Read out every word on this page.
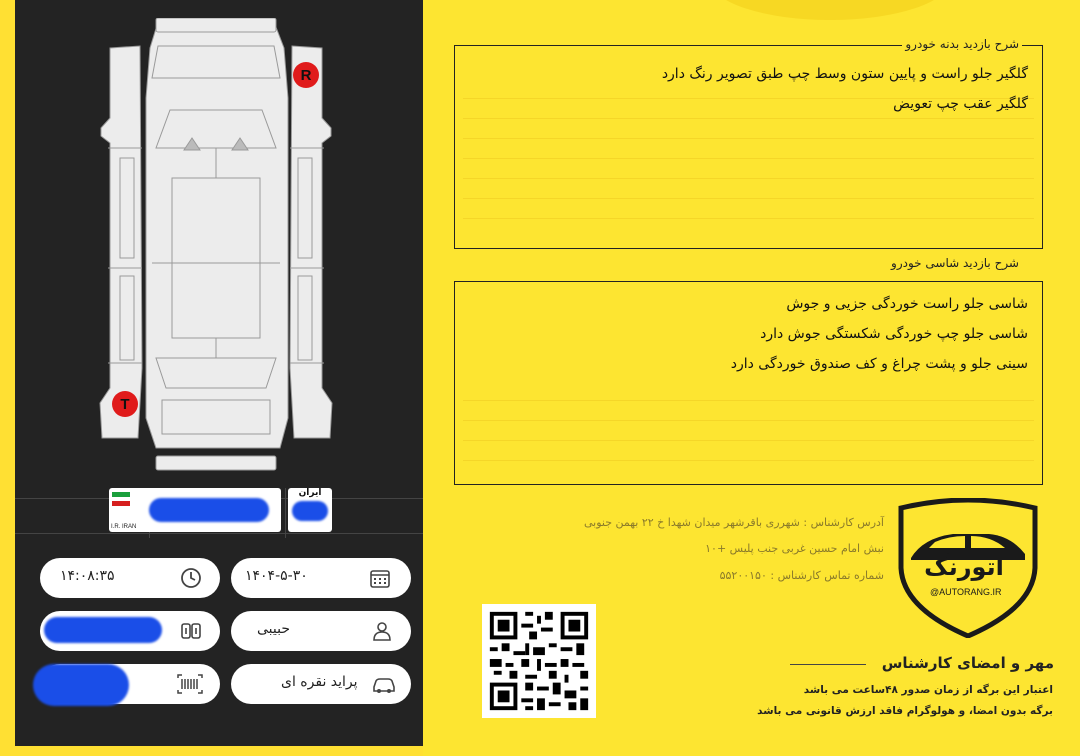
R
T
I.R. IRAN
ایران
۱۴:۰۸:۳۵	۱۴۰۴-۵-۳۰
حبیبی
پراید نقره ای
گلگیر جلو راست و پایین ستون وسط چپ طبق تصویر رنگ دارد
گلگیر عقب چپ تعویض
شرح بازدید بدنه خودرو
شاسی جلو راست خوردگی جزیی و جوش
شاسی جلو چپ خوردگی شکستگی جوش دارد
سینی جلو و پشت چراغ و کف صندوق خوردگی دارد
شرح بازدید شاسی خودرو
آدرس کارشناس : شهرری باقرشهر میدان شهدا خ ۲۲ بهمن جنوبی
نبش امام حسین غربی جنب پلیس +۱۰
شماره تماس کارشناس : ۵۵۲۰۰۱۵۰	اتورنگ
@AUTORANG.IR
مهر و امضای کارشناس
اعتبار این برگه از زمان صدور ۴۸ساعت می باشد
برگه بدون امضا، و هولوگرام فاقد ارزش قانونی می باشد
